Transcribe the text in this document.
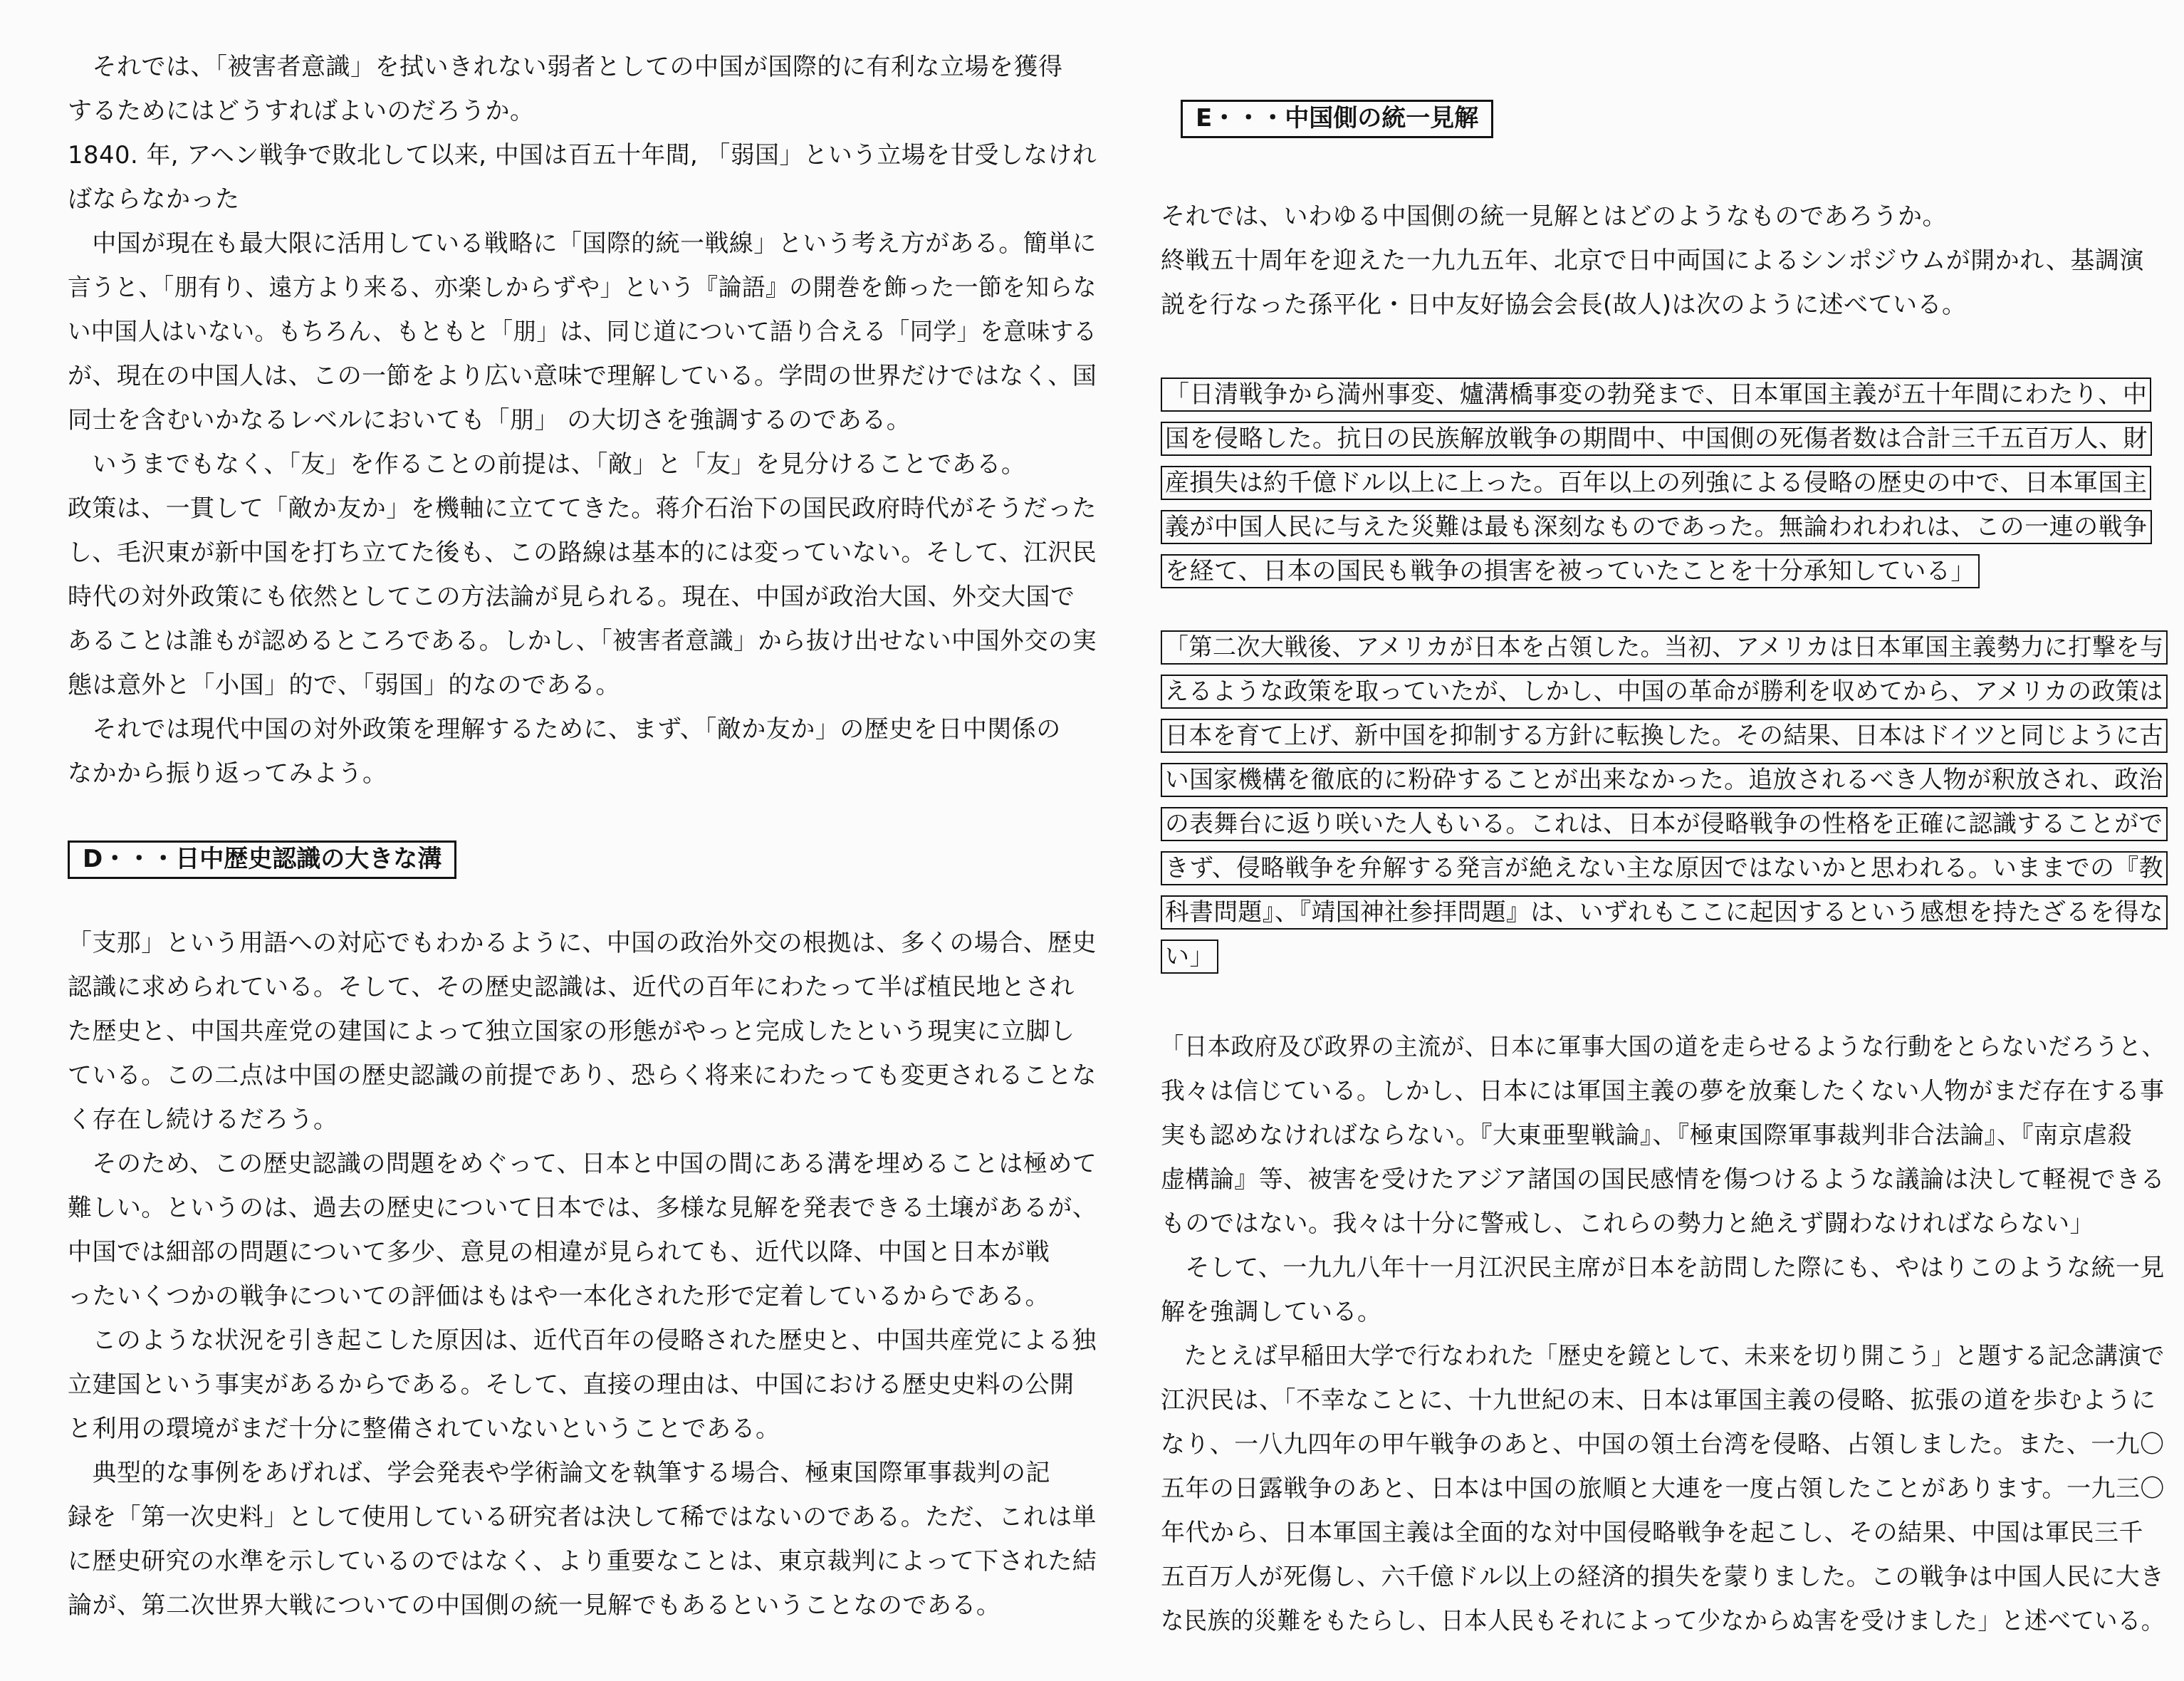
　それでは、「被害者意識」を拭いきれない弱者としての中国が国際的に有利な立場を獲得
するためにはどうすればよいのだろうか。
1840. 年, アヘン戦争で敗北して以来, 中国は百五十年間, 「弱国」という立場を甘受しなけれ
ばならなかった
　中国が現在も最大限に活用している戦略に「国際的統一戦線」という考え方がある。簡単に
言うと、「朋有り、遠方より来る、亦楽しからずや」という『論語』の開巻を飾った一節を知らな
い中国人はいない。もちろん、もともと「朋」は、同じ道について語り合える「同学」を意味する
が、現在の中国人は、この一節をより広い意味で理解している。学問の世界だけではなく、国
同士を含むいかなるレベルにおいても「朋」 の大切さを強調するのである。
　いうまでもなく、「友」を作ることの前提は、「敵」と「友」を見分けることである。
政策は、一貫して「敵か友か」を機軸に立ててきた。蒋介石治下の国民政府時代がそうだった
し、毛沢東が新中国を打ち立てた後も、この路線は基本的には変っていない。そして、江沢民
時代の対外政策にも依然としてこの方法論が見られる。現在、中国が政治大国、外交大国で
あることは誰もが認めるところである。しかし、「被害者意識」から抜け出せない中国外交の実
態は意外と「小国」的で、「弱国」的なのである。
　それでは現代中国の対外政策を理解するために、まず、「敵か友か」の歴史を日中関係の
なかから振り返ってみよう。
D・・・日中歴史認識の大きな溝
「支那」という用語への対応でもわかるように、中国の政治外交の根拠は、多くの場合、歴史
認識に求められている。そして、その歴史認識は、近代の百年にわたって半ば植民地とされ
た歴史と、中国共産党の建国によって独立国家の形態がやっと完成したという現実に立脚し
ている。この二点は中国の歴史認識の前提であり、恐らく将来にわたっても変更されることな
く存在し続けるだろう。
　そのため、この歴史認識の問題をめぐって、日本と中国の間にある溝を埋めることは極めて
難しい。というのは、過去の歴史について日本では、多様な見解を発表できる土壌があるが、
中国では細部の問題について多少、意見の相違が見られても、近代以降、中国と日本が戦
ったいくつかの戦争についての評価はもはや一本化された形で定着しているからである。
　このような状況を引き起こした原因は、近代百年の侵略された歴史と、中国共産党による独
立建国という事実があるからである。そして、直接の理由は、中国における歴史史料の公開
と利用の環境がまだ十分に整備されていないということである。
　典型的な事例をあげれば、学会発表や学術論文を執筆する場合、極東国際軍事裁判の記
録を「第一次史料」として使用している研究者は決して稀ではないのである。ただ、これは単
に歴史研究の水準を示しているのではなく、より重要なことは、東京裁判によって下された結
論が、第二次世界大戦についての中国側の統一見解でもあるということなのである。
E・・・中国側の統一見解
それでは、いわゆる中国側の統一見解とはどのようなものであろうか。
終戦五十周年を迎えた一九九五年、北京で日中両国によるシンポジウムが開かれ、基調演
説を行なった孫平化・日中友好協会会長(故人)は次のように述べている。
「日清戦争から満州事変、爐溝橋事変の勃発まで、日本軍国主義が五十年間にわたり、中
国を侵略した。抗日の民族解放戦争の期間中、中国側の死傷者数は合計三千五百万人、財
産損失は約千億ドル以上に上った。百年以上の列強による侵略の歴史の中で、日本軍国主
義が中国人民に与えた災難は最も深刻なものであった。無論われわれは、この一連の戦争
を経て、日本の国民も戦争の損害を被っていたことを十分承知している」
「第二次大戦後、アメリカが日本を占領した。当初、アメリカは日本軍国主義勢力に打撃を与
えるような政策を取っていたが、しかし、中国の革命が勝利を収めてから、アメリカの政策は
日本を育て上げ、新中国を抑制する方針に転換した。その結果、日本はドイツと同じように古
い国家機構を徹底的に粉砕することが出来なかった。追放されるべき人物が釈放され、政治
の表舞台に返り咲いた人もいる。これは、日本が侵略戦争の性格を正確に認識することがで
きず、侵略戦争を弁解する発言が絶えない主な原因ではないかと思われる。いままでの『教
科書問題』、『靖国神社参拝問題』は、いずれもここに起因するという感想を持たざるを得な
い」
「日本政府及び政界の主流が、日本に軍事大国の道を走らせるような行動をとらないだろうと、
我々は信じている。しかし、日本には軍国主義の夢を放棄したくない人物がまだ存在する事
実も認めなければならない。『大東亜聖戦論』、『極東国際軍事裁判非合法論』、『南京虐殺
虚構論』等、被害を受けたアジア諸国の国民感情を傷つけるような議論は決して軽視できる
ものではない。我々は十分に警戒し、これらの勢力と絶えず闘わなければならない」
　そして、一九九八年十一月江沢民主席が日本を訪問した際にも、やはりこのような統一見
解を強調している。
　たとえば早稲田大学で行なわれた「歴史を鏡として、未来を切り開こう」と題する記念講演で
江沢民は、「不幸なことに、十九世紀の末、日本は軍国主義の侵略、拡張の道を歩むように
なり、一八九四年の甲午戦争のあと、中国の領土台湾を侵略、占領しました。また、一九〇
五年の日露戦争のあと、日本は中国の旅順と大連を一度占領したことがあります。一九三〇
年代から、日本軍国主義は全面的な対中国侵略戦争を起こし、その結果、中国は軍民三千
五百万人が死傷し、六千億ドル以上の経済的損失を蒙りました。この戦争は中国人民に大き
な民族的災難をもたらし、日本人民もそれによって少なからぬ害を受けました」と述べている。
